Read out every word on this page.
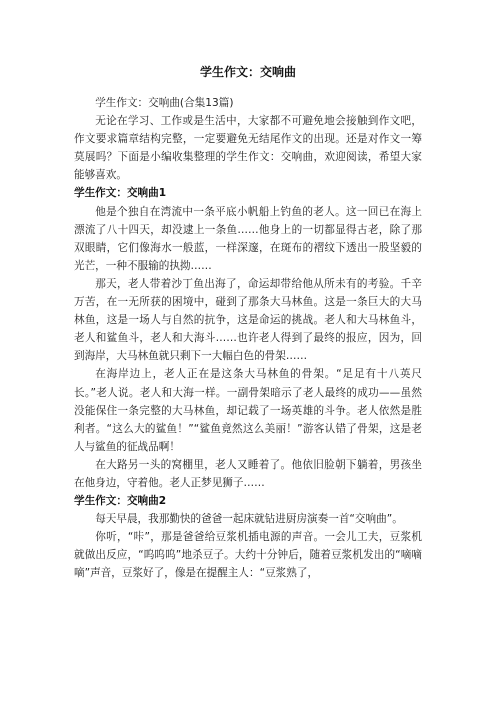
学生作文：交响曲

学生作文：交响曲(合集13篇)

无论在学习、工作或是生活中，大家都不可避免地会接触到作文吧，作文要求篇章结构完整，一定要避免无结尾作文的出现。还是对作文一筹莫展吗？下面是小编收集整理的学生作文：交响曲，欢迎阅读，希望大家能够喜欢。

学生作文：交响曲1

他是个独自在湾流中一条平底小帆船上钓鱼的老人。这一回已在海上漂流了八十四天，却没逮上一条鱼……他身上的一切都显得古老，除了那双眼睛，它们像海水一般蓝，一样深邃，在斑布的褶纹下透出一股坚毅的光芒，一种不服输的执拗……

那天，老人带着沙丁鱼出海了，命运却带给他从所未有的考验。千辛万苦，在一无所获的困境中，碰到了那条大马林鱼。这是一条巨大的大马林鱼，这是一场人与自然的抗争，这是命运的挑战。老人和大马林鱼斗，老人和鲨鱼斗，老人和大海斗……也许老人得到了最终的报应，因为，回到海岸，大马林鱼就只剩下一大幅白色的骨架……

在海岸边上，老人正在是这条大马林鱼的骨架。“足足有十八英尺长。”老人说。老人和大海一样。一副骨架暗示了老人最终的成功——虽然没能保住一条完整的大马林鱼，却记载了一场英雄的斗争。老人依然是胜利者。“这么大的鲨鱼！”“鲨鱼竟然这么美丽！”游客认错了骨架，这是老人与鲨鱼的征战品啊！

在大路另一头的窝棚里，老人又睡着了。他依旧脸朝下躺着，男孩坐在他身边，守着他。老人正梦见狮子……

学生作文：交响曲2

每天早晨，我那勤快的爸爸一起床就钻进厨房演奏一首“交响曲”。

你听，“咔”，那是爸爸给豆浆机插电源的声音。一会儿工夫，豆浆机就做出反应，“呜呜呜”地杀豆子。大约十分钟后，随着豆浆机发出的“嘀嘀嘀”声音，豆浆好了，像是在提醒主人：“豆浆熟了，
